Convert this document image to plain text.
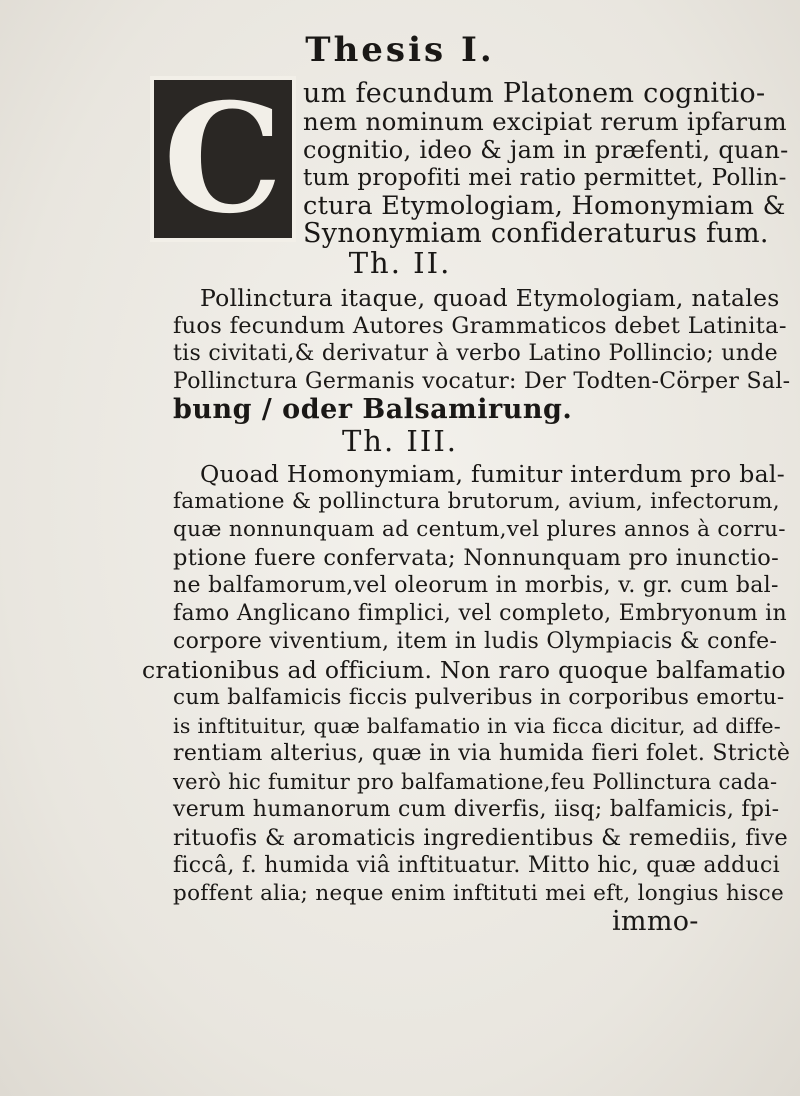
Thesis I.
C um fecundum Platonem cognitio-
nem nominum excipiat rerum ipfarum
cognitio, ideo & jam in præfenti, quan-
tum propofiti mei ratio permittet, Pollin-
ctura Etymologiam, Homonymiam &
Synonymiam confideraturus fum.
Th. II.
Pollinctura itaque, quoad Etymologiam, natales
fuos fecundum Autores Grammaticos debet Latinita-
tis civitati,& derivatur à verbo Latino Pollincio; unde
Pollinctura Germanis vocatur: Der Todten-Cörper Sal-
bung / oder Balsamirung.
Th. III.
Quoad Homonymiam, fumitur interdum pro bal-
famatione & pollinctura brutorum, avium, infectorum,
quæ nonnunquam ad centum,vel plures annos à corru-
ptione fuere confervata; Nonnunquam pro inunctio-
ne balfamorum,vel oleorum in morbis, v. gr. cum bal-
famo Anglicano fimplici, vel completo, Embryonum in
corpore viventium, item in ludis Olympiacis & confe-
crationibus ad officium. Non raro quoque balfamatio
cum balfamicis ficcis pulveribus in corporibus emortu-
is inftituitur, quæ balfamatio in via ficca dicitur, ad diffe-
rentiam alterius, quæ in via humida fieri folet. Strictè
verò hic fumitur pro balfamatione,feu Pollinctura cada-
verum humanorum cum diverfis, iisq; balfamicis, fpi-
rituofis & aromaticis ingredientibus & remediis, five
ficcâ, f. humida viâ inftituatur. Mitto hic, quæ adduci
poffent alia; neque enim inftituti mei eft, longius hisce
immo-
